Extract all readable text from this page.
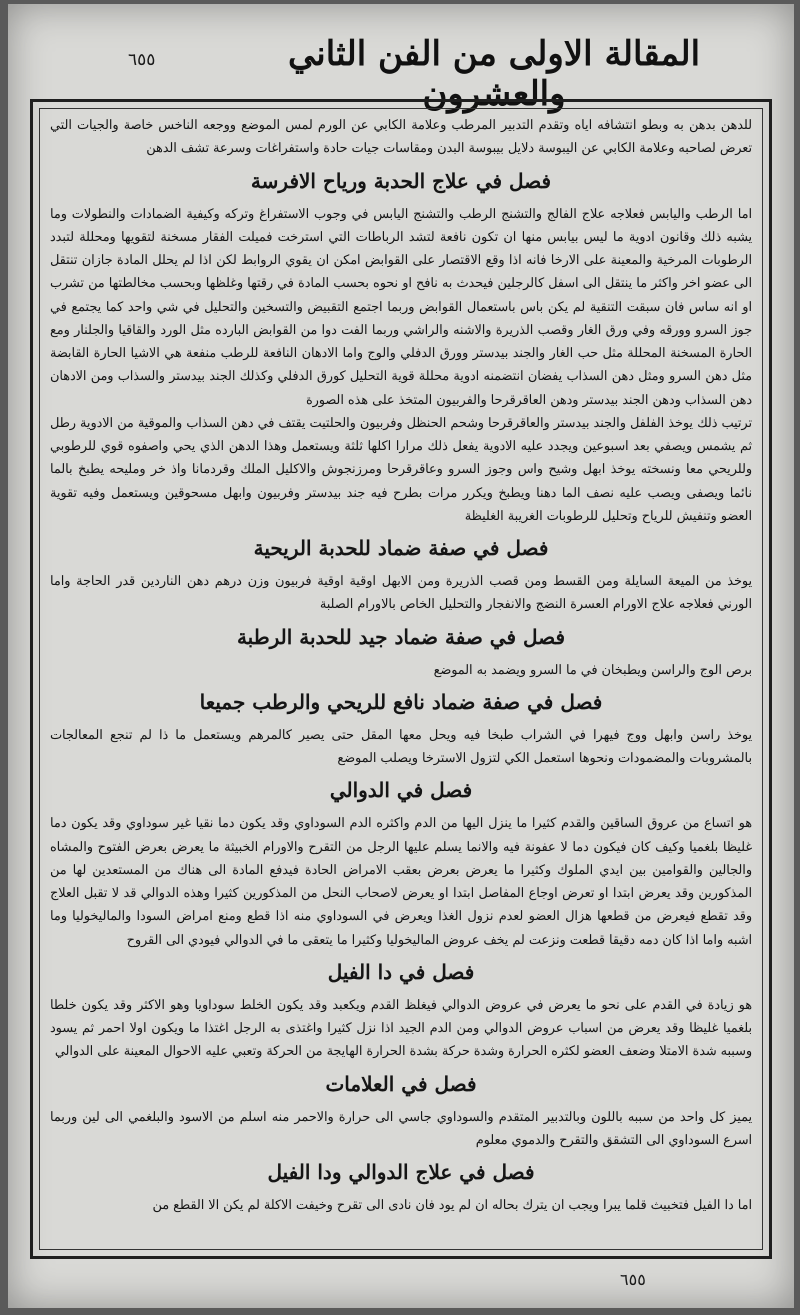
٦٥٥	المقالة الاولى من الفن الثاني والعشرون

للدهن بدهن به وبطو انتشافه اياه وتقدم التدبير المرطب وعلامة الكابي عن الورم لمس الموضع ووجعه الناخس خاصة والجيات التي تعرض لصاحبه وعلامة الكابي عن اليبوسة دلايل بيبوسة البدن ومقاسات جيات حادة واستفراغات وسرعة تشف الدهن

فصل في علاج الحدبة ورياح الافرسة

اما الرطب واليابس فعلاجه علاج الفالج والتشنج الرطب والتشنج اليابس في وجوب الاستفراغ وتركه وكيفية الضمادات والنطولات وما يشبه ذلك وقانون ادوية ما ليس بيابس منها ان تكون نافعة لتشد الرباطات التي استرخت فميلت الفقار مسخنة لتقويها ومحللة لتبدد الرطوبات المرخية والمعينة على الارخا فانه اذا وقع الاقتصار على القوابض امكن ان يقوي الروابط لكن اذا لم يحلل المادة جازان تنتقل الى عضو اخر واكثر ما ينتقل الى اسفل كالرجلين فيحدث به نافح او نحوه بحسب المادة في رقتها وغلظها وبحسب مخالطتها من تشرب او انه ساس فان سبقت التنقية لم يكن باس باستعمال القوابض وربما اجتمع التقبيض والتسخين والتحليل في شي واحد كما يجتمع في جوز السرو وورقه وفي ورق الغار وقصب الذريرة والاشنه والراشي وربما الفت دوا من القوابض البارده مثل الورد والقاقيا والجلنار ومع الحارة المسخنة المحللة مثل حب الغار والجند بيدستر وورق الدفلي والوج واما الادهان النافعة للرطب منفعة هي الاشيا الحارة القابضة مثل دهن السرو ومثل دهن السذاب يفضان انتضمنه ادوية محللة قوية التحليل كورق الدفلي وكذلك الجند بيدستر والسذاب ومن الادهان دهن السذاب ودهن الجند بيدستر ودهن العاقرقرحا والفربيون المتخذ على هذه الصورة

ترتيب ذلك يوخذ الفلفل والجند بيدستر والعاقرقرحا وشحم الحنظل وفربيون والحلتيت يقتف في دهن السذاب والموقية من الادوية رطل ثم يشمس ويصفي بعد اسبوعين ويجدد عليه الادوية يفعل ذلك مرارا اكلها ثلثة ويستعمل وهذا الدهن الذي يحي واصفوه قوي للرطوبي وللريحي معا ونسخته يوخذ ابهل وشيح واس وجوز السرو وعاقرقرحا ومرزنجوش والاكليل الملك وقردمانا واذ خر ومليحه يطبخ بالما نائما ويصفى ويصب عليه نصف الما دهنا ويطبخ ويكرر مرات بطرح فيه جند بيدستر وفربيون وابهل مسحوقين ويستعمل وفيه تقوية العضو وتنفيش للرياح وتحليل للرطوبات الغريبة الغليظة

فصل في صفة ضماد للحدبة الريحية

يوخذ من الميعة السايلة ومن القسط ومن قصب الذريرة ومن الابهل اوقية اوقية فربيون وزن درهم دهن الناردين قدر الحاجة واما الورني فعلاجه علاج الاورام العسرة النضج والانفجار والتحليل الخاص بالاورام الصلبة

فصل في صفة ضماد جيد للحدبة الرطبة

برص الوج والراسن ويطبخان في ما السرو ويضمد به الموضع

فصل في صفة ضماد نافع للريحي والرطب جميعا

يوخذ راسن وابهل ووج فيهرا في الشراب طبخا فيه ويحل معها المقل حتى يصير كالمرهم ويستعمل ما ذا لم تنجع المعالجات بالمشروبات والمضمودات ونحوها استعمل الكي لتزول الاسترخا ويصلب الموضع

فصل في الدوالي

هو اتساع من عروق الساقين والقدم كثيرا ما ينزل اليها من الدم واكثره الدم السوداوي وقد يكون دما نقيا غير سوداوي وقد يكون دما غليظا بلغميا وكيف كان فيكون دما لا عفونة فيه والانما يسلم عليها الرجل من التقرح والاورام الخبيثة ما يعرض بعرض الفتوح والمشاه والجالين والقوامين بين ايدي الملوك وكثيرا ما يعرض بعرض بعقب الامراض الحادة فيدفع المادة الى هناك من المستعدين لها من المذكورين وقد يعرض ابتدا او تعرض اوجاع المفاصل ابتدا او يعرض لاصحاب النحل من المذكورين كثيرا وهذه الدوالي قد لا تقبل العلاج وقد تقطع فيعرض من قطعها هزال العضو لعدم نزول الغذا ويعرض في السوداوي منه اذا قطع ومنع امراض السودا والماليخوليا وما اشبه واما اذا كان دمه دقيقا قطعت ونزعت لم يخف عروض الماليخوليا وكثيرا ما يتعقى ما في الدوالي فيودي الى القروح

فصل في دا الفيل

هو زيادة في القدم على نحو ما يعرض في عروض الدوالي فيغلظ القدم ويكعبد وقد يكون الخلط سوداويا وهو الاكثر وقد يكون خلطا بلغميا غليظا وقد يعرض من اسباب عروض الدوالي ومن الدم الجيد اذا نزل كثيرا واغتذى به الرجل اغتذا ما ويكون اولا احمر ثم يسود وسببه شدة الامتلا وضعف العضو لكثره الحرارة وشدة حركة بشدة الحرارة الهايجة من الحركة وتعبي عليه الاحوال المعينة على الدوالي

فصل في العلامات

يميز كل واحد من سببه باللون وبالتدبير المتقدم والسوداوي جاسي الى حرارة والاحمر منه اسلم من الاسود والبلغمي الى لين وربما اسرع السوداوي الى التشقق والتقرح والدموي معلوم

فصل في علاج الدوالي ودا الفيل

اما دا الفيل فتخبيث قلما يبرا ويجب ان يترك بحاله ان لم يود فان نادى الى تقرح وخيفت الاكلة لم يكن الا القطع من

٦٥٥
